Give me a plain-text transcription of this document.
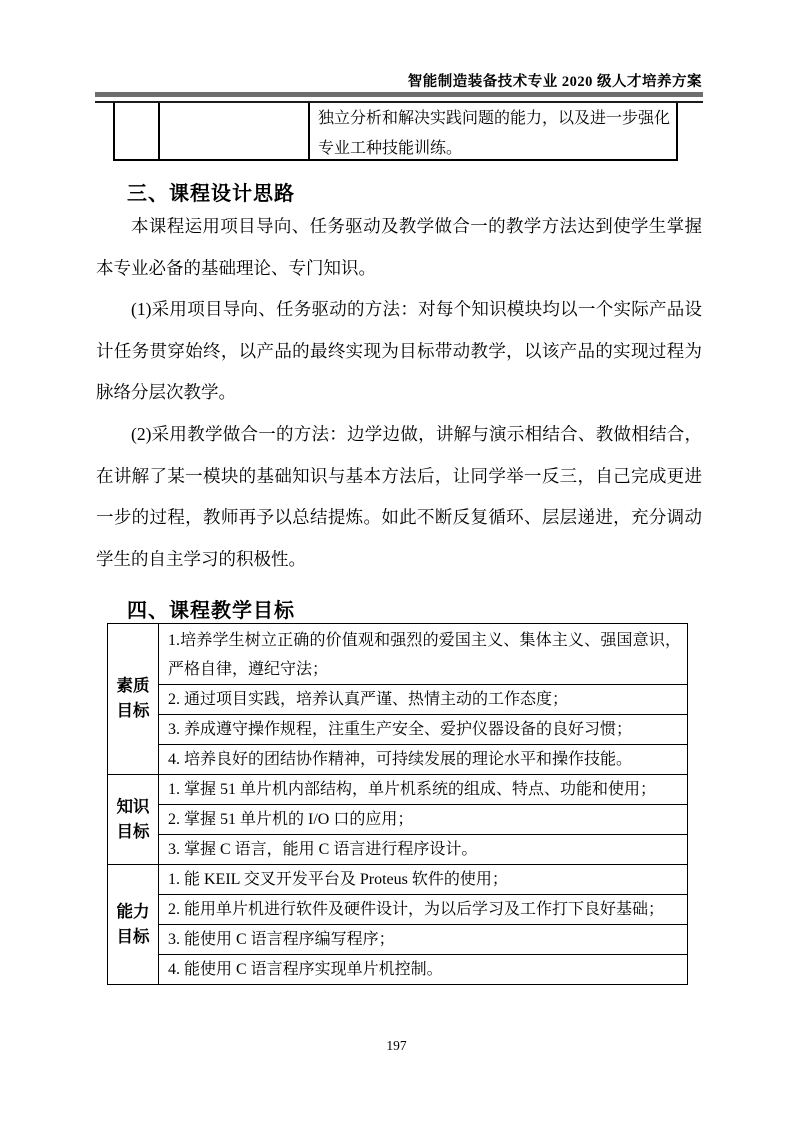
智能制造装备技术专业 2020 级人才培养方案
独立分析和解决实践问题的能力，以及进一步强化专业工种技能训练。
三、课程设计思路

本课程运用项目导向、任务驱动及教学做合一的教学方法达到使学生掌握本专业必备的基础理论、专门知识。

(1)采用项目导向、任务驱动的方法：对每个知识模块均以一个实际产品设计任务贯穿始终，以产品的最终实现为目标带动教学，以该产品的实现过程为脉络分层次教学。

(2)采用教学做合一的方法：边学边做，讲解与演示相结合、教做相结合，在讲解了某一模块的基础知识与基本方法后，让同学举一反三，自己完成更进一步的过程，教师再予以总结提炼。如此不断反复循环、层层递进，充分调动学生的自主学习的积极性。

四、课程教学目标
素质目标	1.培养学生树立正确的价值观和强烈的爱国主义、集体主义、强国意识，严格自律，遵纪守法；
	2. 通过项目实践，培养认真严谨、热情主动的工作态度；
	3. 养成遵守操作规程，注重生产安全、爱护仪器设备的良好习惯；
	4. 培养良好的团结协作精神，可持续发展的理论水平和操作技能。
知识目标	1. 掌握 51 单片机内部结构，单片机系统的组成、特点、功能和使用；
	2. 掌握 51 单片机的 I/O 口的应用；
	3. 掌握 C 语言，能用 C 语言进行程序设计。
能力目标	1. 能 KEIL 交叉开发平台及 Proteus 软件的使用；
	2. 能用单片机进行软件及硬件设计，为以后学习及工作打下良好基础；
	3. 能使用 C 语言程序编写程序；
	4. 能使用 C 语言程序实现单片机控制。
197
